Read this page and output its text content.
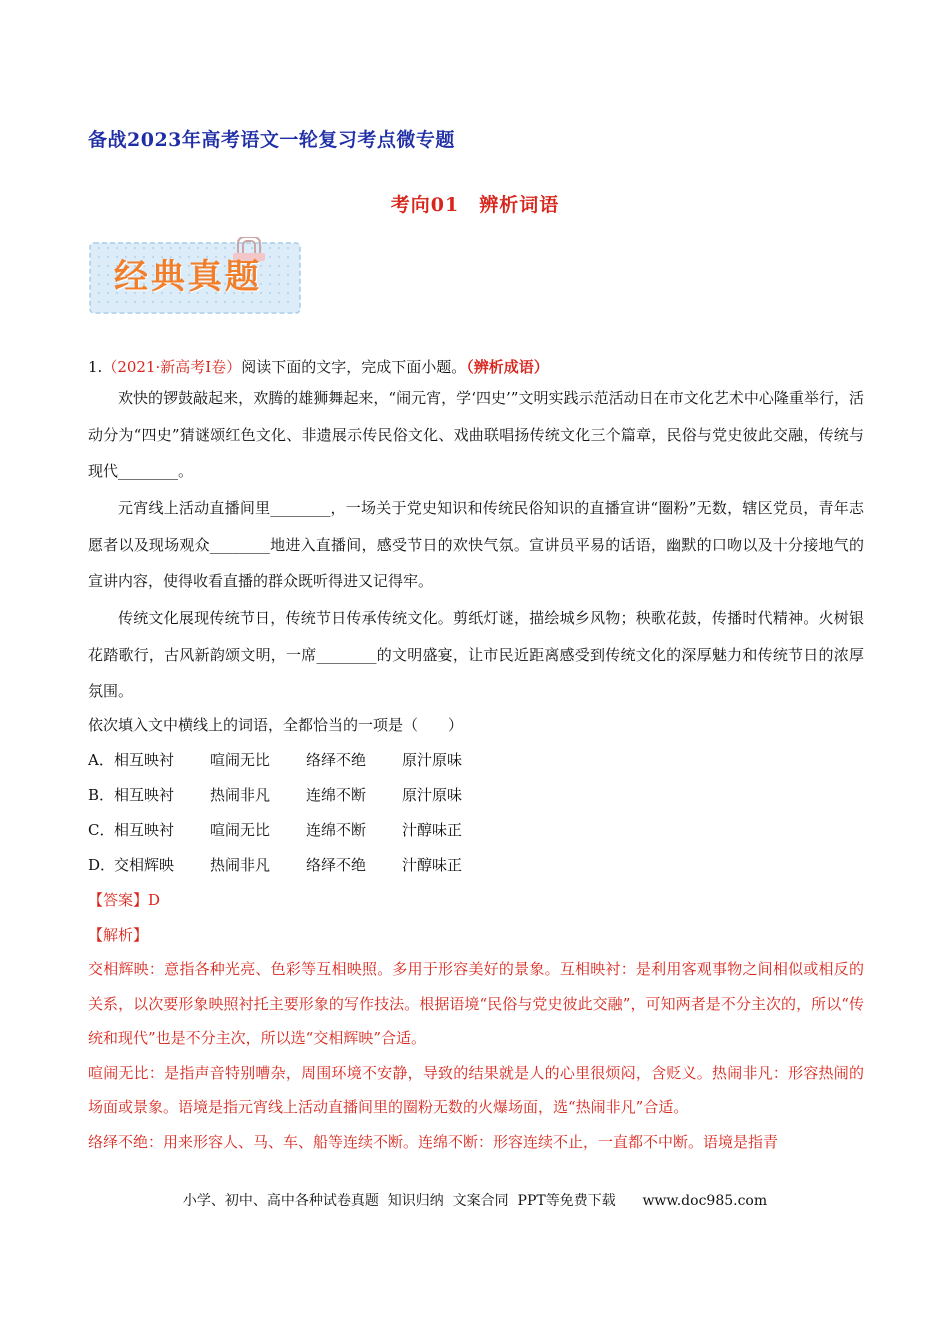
备战2023年高考语文一轮复习考点微专题
考向01　辨析词语
经典真题
1.（2021·新高考I卷）阅读下面的文字，完成下面小题。（辨析成语）
欢快的锣鼓敲起来，欢腾的雄狮舞起来，“闹元宵，学‘四史’”文明实践示范活动日在市文化艺术中心隆重举行，活动分为“四史”猜谜颂红色文化、非遗展示传民俗文化、戏曲联唱扬传统文化三个篇章，民俗与党史彼此交融，传统与现代________。
元宵线上活动直播间里________，一场关于党史知识和传统民俗知识的直播宣讲“圈粉”无数，辖区党员，青年志愿者以及现场观众________地进入直播间，感受节日的欢快气氛。宣讲员平易的话语，幽默的口吻以及十分接地气的宣讲内容，使得收看直播的群众既听得进又记得牢。
传统文化展现传统节日，传统节日传承传统文化。剪纸灯谜，描绘城乡风物；秧歌花鼓，传播时代精神。火树银花踏歌行，古风新韵颂文明，一席________的文明盛宴，让市民近距离感受到传统文化的深厚魅力和传统节日的浓厚氛围。
依次填入文中横线上的词语，全都恰当的一项是（　　）
A．相互映衬 喧闹无比 络绎不绝 原汁原味
B．相互映衬 热闹非凡 连绵不断 原汁原味
C．相互映衬 喧闹无比 连绵不断 汁醇味正
D．交相辉映 热闹非凡 络绎不绝 汁醇味正
【答案】D
【解析】

交相辉映：意指各种光亮、色彩等互相映照。多用于形容美好的景象。互相映衬：是利用客观事物之间相似或相反的关系，以次要形象映照衬托主要形象的写作技法。根据语境“民俗与党史彼此交融”，可知两者是不分主次的，所以“传统和现代”也是不分主次，所以选“交相辉映”合适。

喧闹无比：是指声音特别嘈杂，周围环境不安静，导致的结果就是人的心里很烦闷，含贬义。热闹非凡：形容热闹的场面或景象。语境是指元宵线上活动直播间里的圈粉无数的火爆场面，选“热闹非凡”合适。

络绎不绝：用来形容人、马、车、船等连续不断。连绵不断：形容连续不止，一直都不中断。语境是指青

小学、初中、高中各种试卷真题  知识归纳  文案合同  PPT等免费下载      www.doc985.com
